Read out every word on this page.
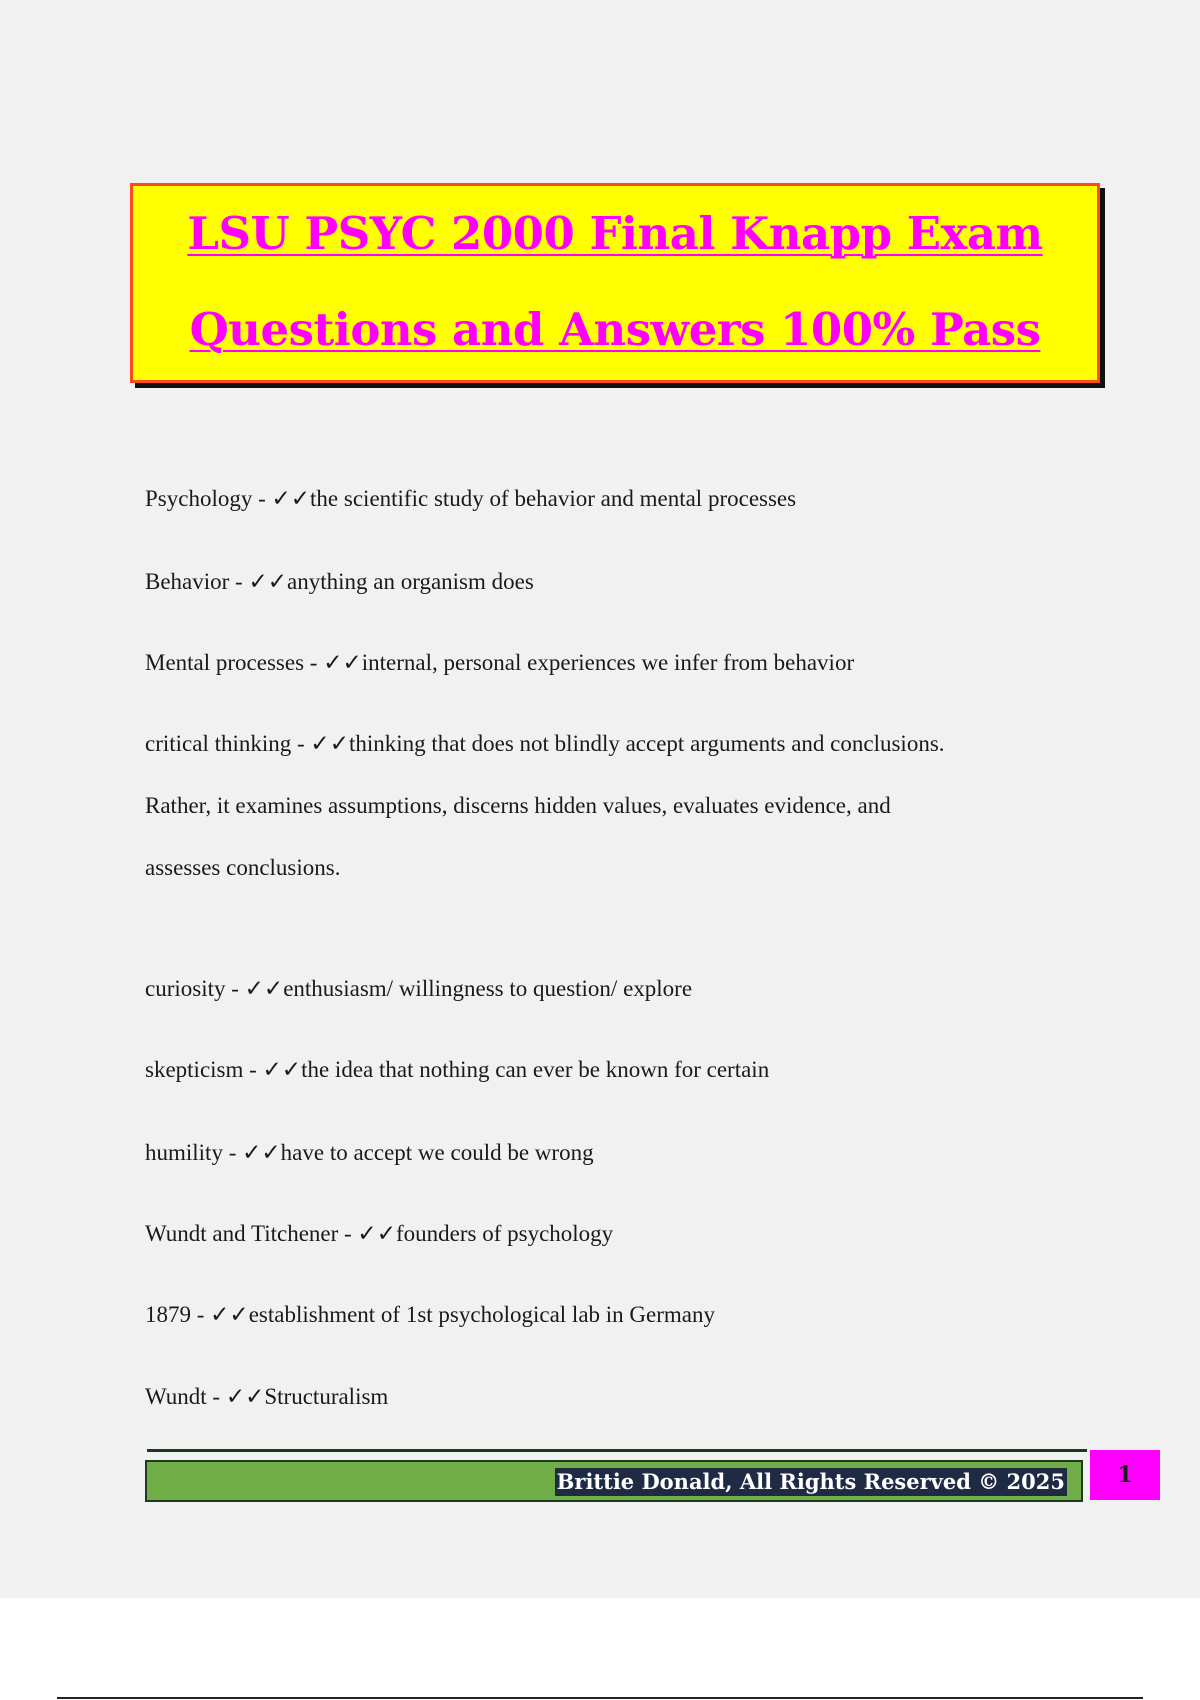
LSU PSYC 2000 Final Knapp Exam
Questions and Answers 100% Pass
Psychology - ✓✓the scientific study of behavior and mental processes
Behavior - ✓✓anything an organism does
Mental processes - ✓✓internal, personal experiences we infer from behavior
critical thinking - ✓✓thinking that does not blindly accept arguments and conclusions.
Rather, it examines assumptions, discerns hidden values, evaluates evidence, and
assesses conclusions.
curiosity - ✓✓enthusiasm/ willingness to question/ explore
skepticism - ✓✓the idea that nothing can ever be known for certain
humility - ✓✓have to accept we could be wrong
Wundt and Titchener - ✓✓founders of psychology
1879 - ✓✓establishment of 1st psychological lab in Germany
Wundt - ✓✓Structuralism
Brittie Donald, All Rights Reserved © 2025	1
